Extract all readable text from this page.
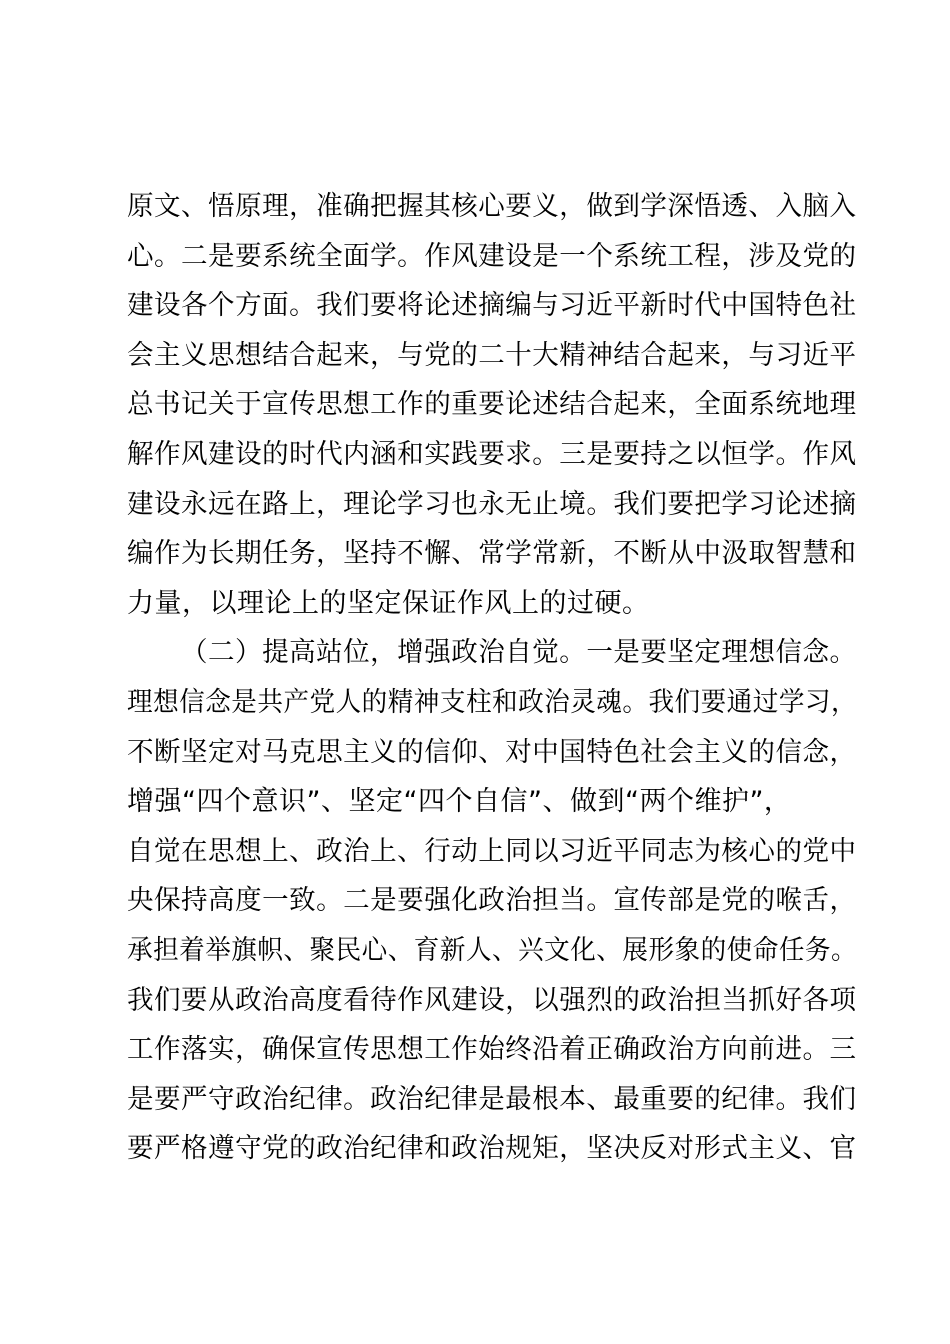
原文、悟原理，准确把握其核心要义，做到学深悟透、入脑入
心。二是要系统全面学。作风建设是一个系统工程，涉及党的
建设各个方面。我们要将论述摘编与习近平新时代中国特色社
会主义思想结合起来，与党的二十大精神结合起来，与习近平
总书记关于宣传思想工作的重要论述结合起来，全面系统地理
解作风建设的时代内涵和实践要求。三是要持之以恒学。作风
建设永远在路上，理论学习也永无止境。我们要把学习论述摘
编作为长期任务，坚持不懈、常学常新，不断从中汲取智慧和
力量，以理论上的坚定保证作风上的过硬。
（二）提高站位，增强政治自觉。一是要坚定理想信念。
理想信念是共产党人的精神支柱和政治灵魂。我们要通过学习，
不断坚定对马克思主义的信仰、对中国特色社会主义的信念，
增强“四个意识”、坚定“四个自信”、做到“两个维护”，
自觉在思想上、政治上、行动上同以习近平同志为核心的党中
央保持高度一致。二是要强化政治担当。宣传部是党的喉舌，
承担着举旗帜、聚民心、育新人、兴文化、展形象的使命任务。
我们要从政治高度看待作风建设，以强烈的政治担当抓好各项
工作落实，确保宣传思想工作始终沿着正确政治方向前进。三
是要严守政治纪律。政治纪律是最根本、最重要的纪律。我们
要严格遵守党的政治纪律和政治规矩，坚决反对形式主义、官
